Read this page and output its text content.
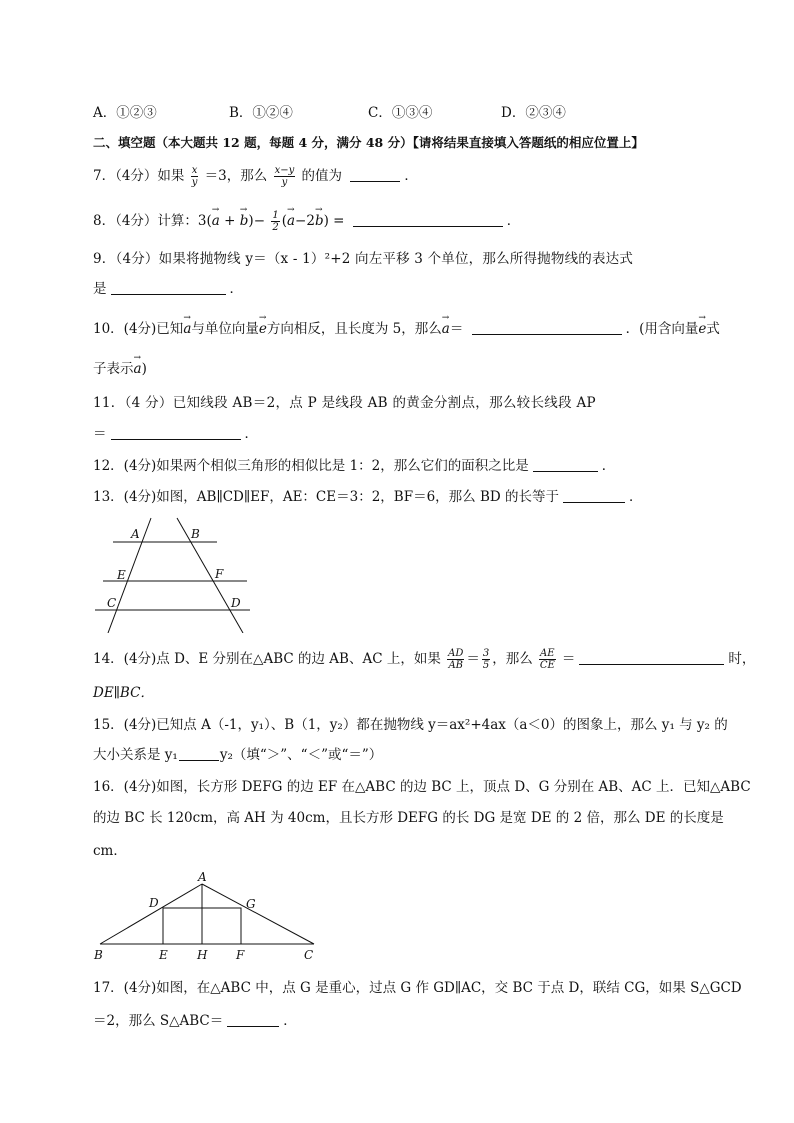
A．①②③	B．①②④	C．①③④	D．②③④
二、填空题（本大题共 12 题，每题 4 分，满分 48 分）【请将结果直接填入答题纸的相应位置上】
7．（4分）如果 $\frac{x}{y} =3$，那么 $\frac{x-y}{y}$ 的值为	．
8．（4分）计算：3(→ a + → $b)- \frac{1}{2}$ (→ a−2→ b) =	．
9．（4分）如果将抛物线 y＝（x - 1）²+2 向左平移 3 个单位，那么所得抛物线的表达式
是	．
10．(4分)已知→ a与单位向量→ e方向相反，且长度为 5，那么→ a＝	．(用含向量→ e式
子表示→ a)
11．（4 分）已知线段 AB＝2，点 P 是线段 AB 的黄金分割点，那么较长线段 AP
＝	．
12．(4分)如果两个相似三角形的相似比是 1：2，那么它们的面积之比是	．
13．(4分)如图，AB∥CD∥EF，AE：CE＝3：2，BF＝6，那么 BD 的长等于	．
A	B
E	F
C	D
14．(4分)点 D、E 分别在△ABC 的边 AB、AC 上，如果 $\frac{AD}{AB} = \frac{3}{5}$ ，那么 $\frac{AE}{CE}$ ＝	时，
DE∥BC．
15．(4分)已知点 A（-1，y₁）、B（1，y₂）都在抛物线 y＝ax²+4ax（a＜0）的图象上，那么 y₁ 与 y₂ 的
大小关系是 y₁	y₂（填“＞”、“＜”或“＝”）
16．(4分)如图，长方形 DEFG 的边 EF 在△ABC 的边 BC 上，顶点 D、G 分别在 AB、AC 上．已知△ABC
的边 BC 长 120cm，高 AH 为 40cm，且长方形 DEFG 的长 DG 是宽 DE 的 2 倍，那么 DE 的长度是
cm．
A
D	G
B	E H F	C
17．(4分)如图，在△ABC 中，点 G 是重心，过点 G 作 GD∥AC，交 BC 于点 D，联结 CG，如果 S△GCD
＝2，那么 S△ABC＝	．
